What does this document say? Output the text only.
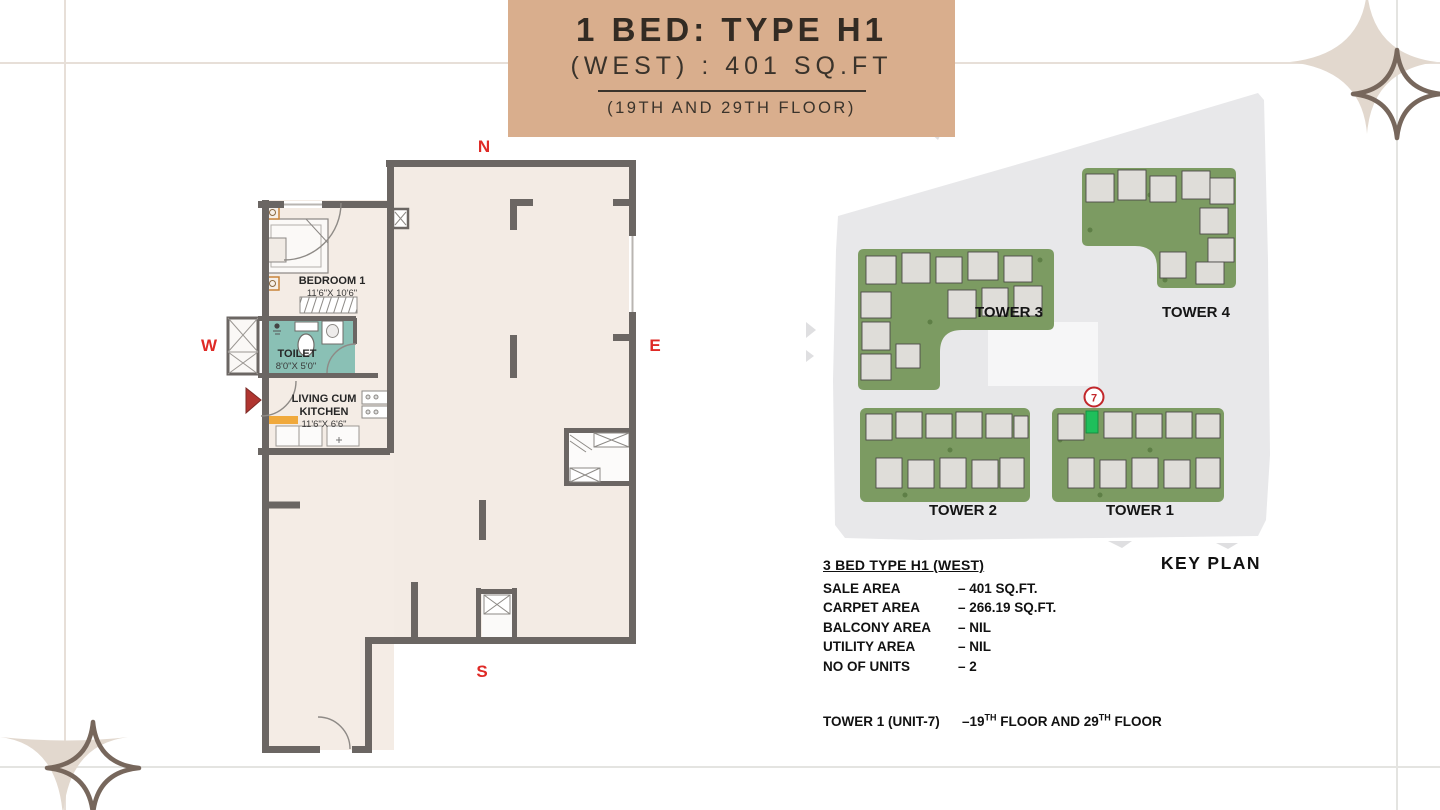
1 BED: TYPE H1
(WEST) : 401 SQ.FT
(19TH AND 29TH FLOOR)
BEDROOM 1
11'6"X 10'6"
TOILET
8'0"X 5'0"
LIVING CUM
KITCHEN
11'6"X 6'6"
N
E
S
W
7
TOWER 3	TOWER 4
TOWER 2	TOWER 1
KEY PLAN
3 BED TYPE H1 (WEST)
SALE AREA	– 401 SQ.FT.
CARPET AREA	– 266.19 SQ.FT.
BALCONY AREA	– NIL
UTILITY AREA	– NIL
NO OF UNITS	– 2
TOWER 1 (UNIT-7)	–19TH FLOOR AND 29TH FLOOR
